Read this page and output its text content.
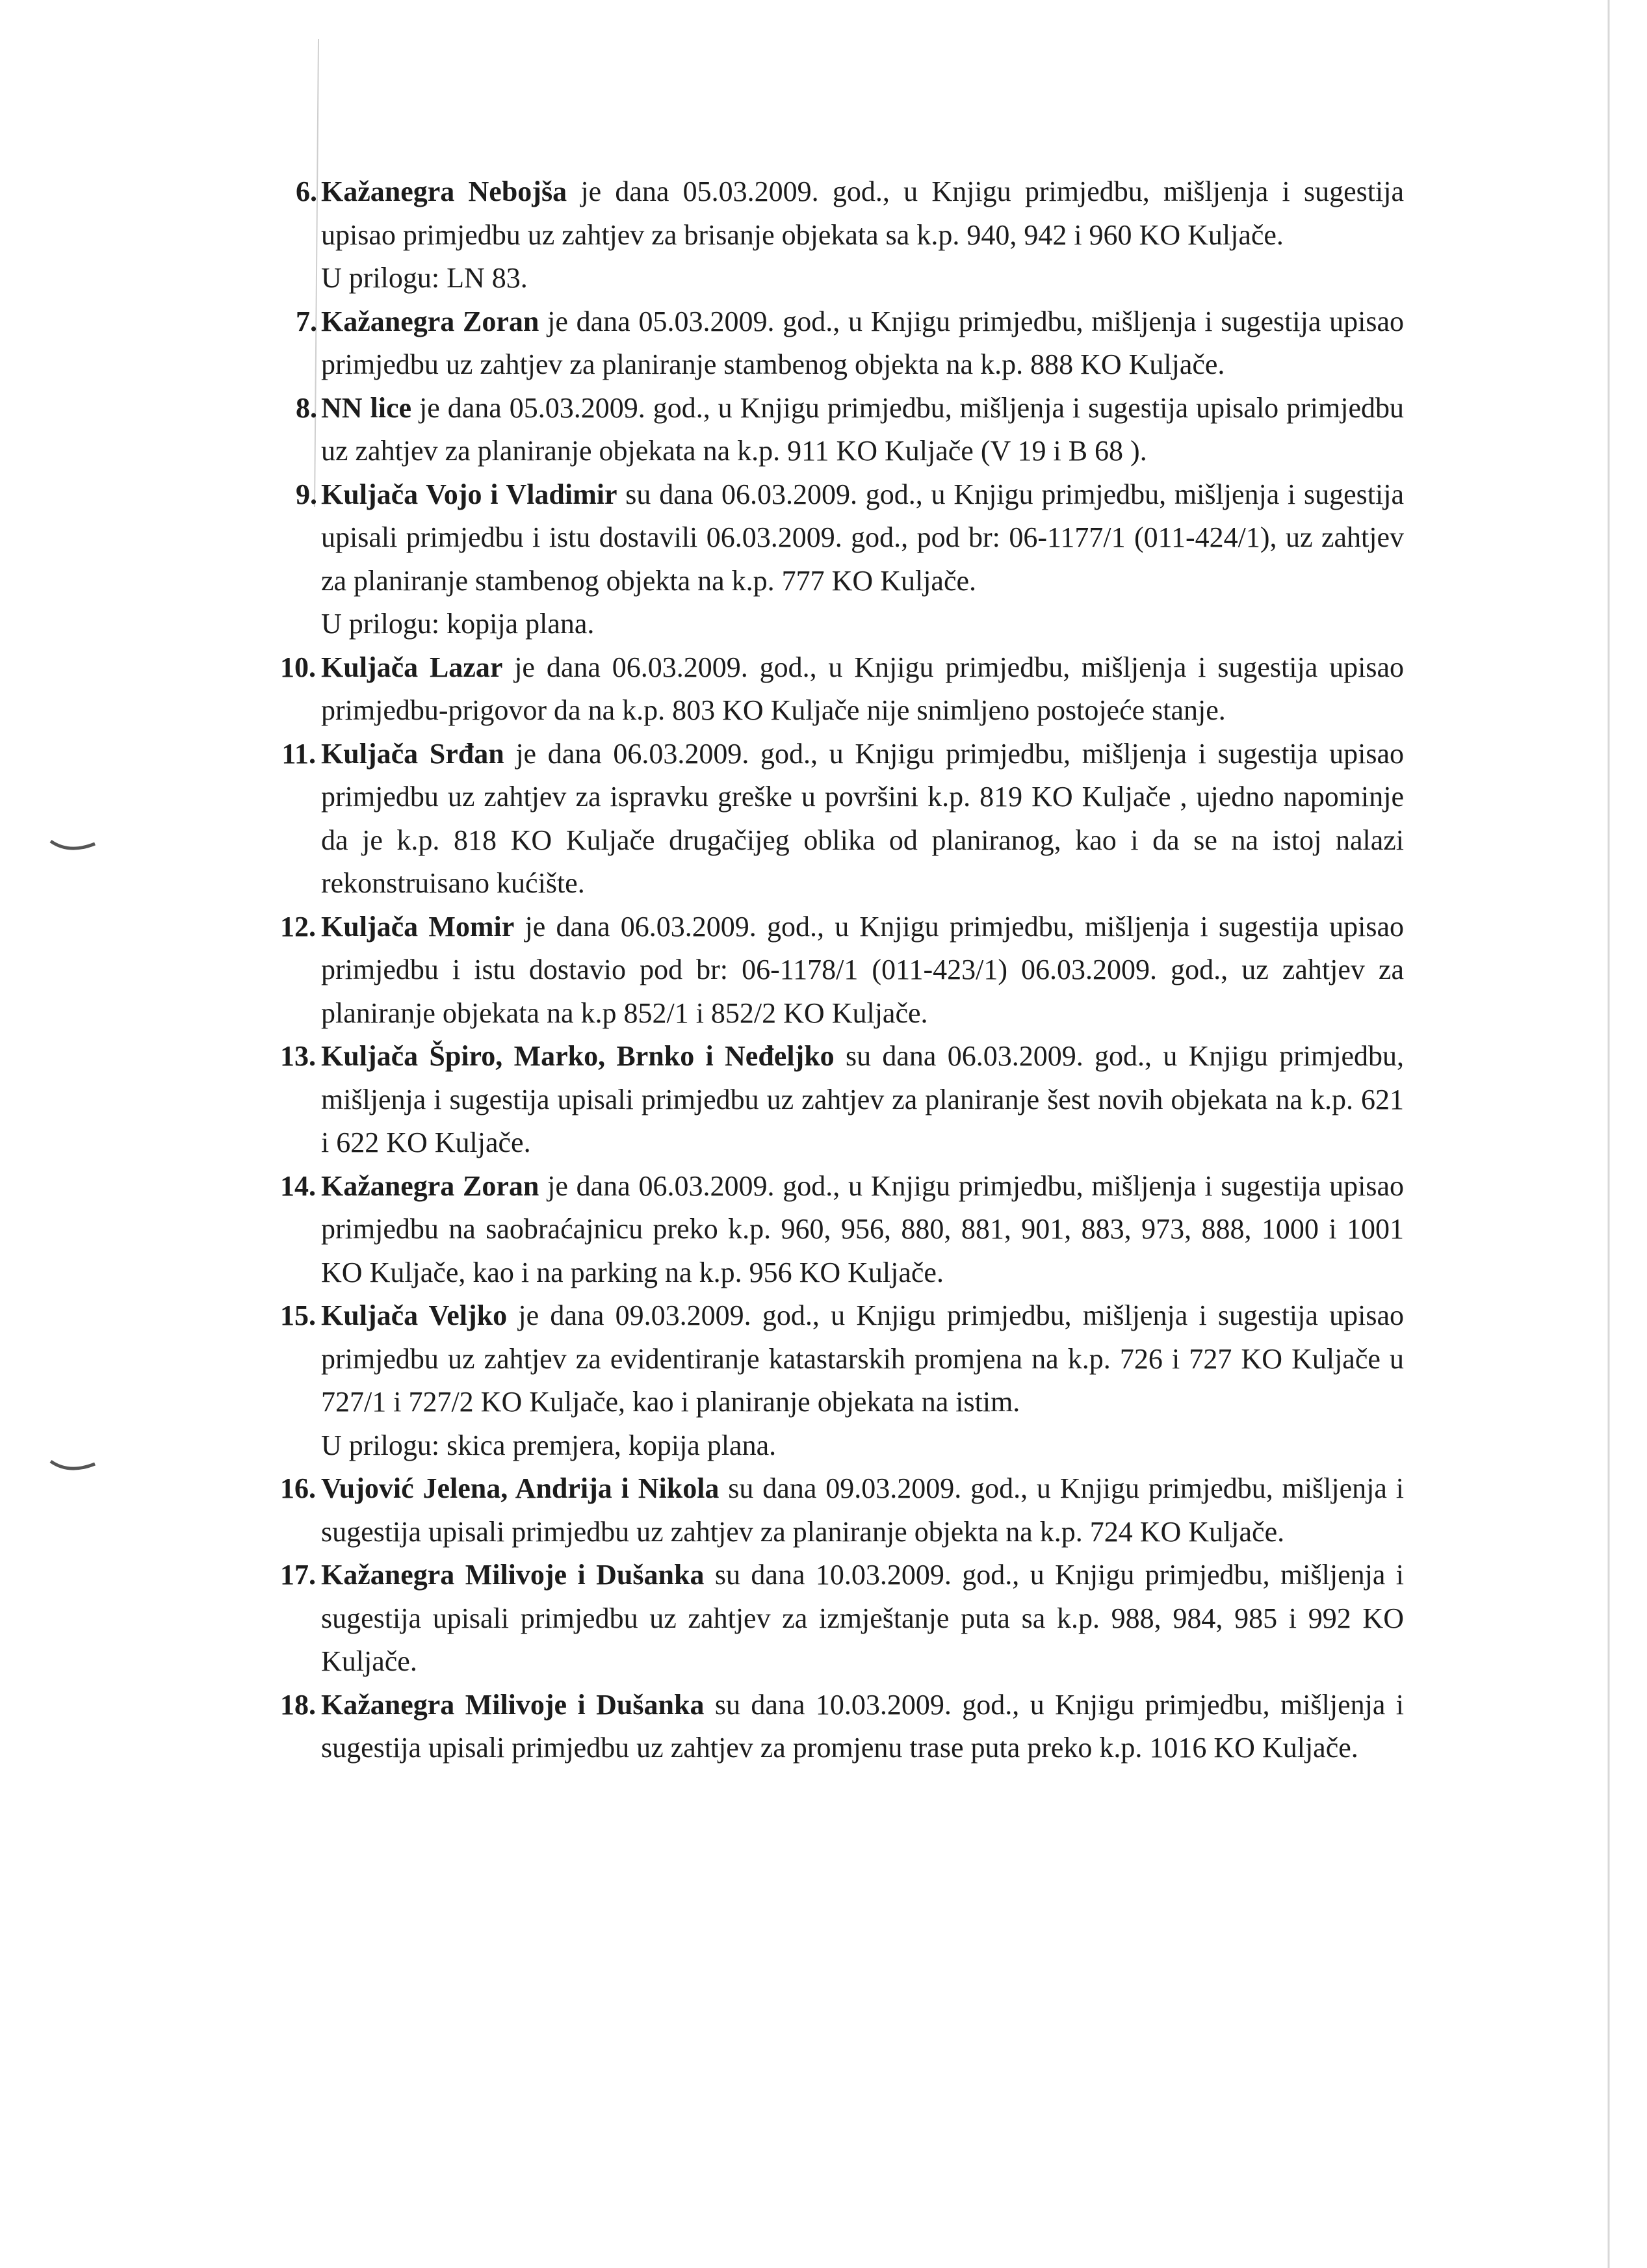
6. Kažanegra Nebojša je dana 05.03.2009. god., u Knjigu primjedbu, mišljenja i sugestija upisao primjedbu uz zahtjev za brisanje objekata sa k.p. 940, 942 i 960 KO Kuljače.
U prilogu: LN 83.
7. Kažanegra Zoran je dana 05.03.2009. god., u Knjigu primjedbu, mišljenja i sugestija upisao primjedbu uz zahtjev za planiranje stambenog objekta na k.p. 888 KO Kuljače.
8. NN lice je dana 05.03.2009. god., u Knjigu primjedbu, mišljenja i sugestija upisalo primjedbu uz zahtjev za planiranje objekata na k.p. 911 KO Kuljače (V 19 i B 68 ).
9. Kuljača Vojo i Vladimir su dana 06.03.2009. god., u Knjigu primjedbu, mišljenja i sugestija upisali primjedbu i istu dostavili 06.03.2009. god., pod br: 06-1177/1 (011-424/1), uz zahtjev za planiranje stambenog objekta na k.p. 777 KO Kuljače.
U prilogu: kopija plana.
10. Kuljača Lazar je dana 06.03.2009. god., u Knjigu primjedbu, mišljenja i sugestija upisao primjedbu-prigovor da na k.p. 803 KO Kuljače nije snimljeno postojeće stanje.
11. Kuljača Srđan je dana 06.03.2009. god., u Knjigu primjedbu, mišljenja i sugestija upisao primjedbu uz zahtjev za ispravku greške u površini k.p. 819 KO Kuljače , ujedno napominje da je k.p. 818 KO Kuljače drugačijeg oblika od planiranog, kao i da se na istoj nalazi rekonstruisano kućište.
12. Kuljača Momir je dana 06.03.2009. god., u Knjigu primjedbu, mišljenja i sugestija upisao primjedbu i istu dostavio pod br: 06-1178/1 (011-423/1) 06.03.2009. god., uz zahtjev za planiranje objekata na k.p 852/1 i 852/2 KO Kuljače.
13. Kuljača Špiro, Marko, Brnko i Neđeljko su dana 06.03.2009. god., u Knjigu primjedbu, mišljenja i sugestija upisali primjedbu uz zahtjev za planiranje šest novih objekata na k.p. 621 i 622 KO Kuljače.
14. Kažanegra Zoran je dana 06.03.2009. god., u Knjigu primjedbu, mišljenja i sugestija upisao primjedbu na saobraćajnicu preko k.p. 960, 956, 880, 881, 901, 883, 973, 888, 1000 i 1001 KO Kuljače, kao i na parking na k.p. 956 KO Kuljače.
15. Kuljača Veljko je dana 09.03.2009. god., u Knjigu primjedbu, mišljenja i sugestija upisao primjedbu uz zahtjev za evidentiranje katastarskih promjena na k.p. 726 i 727 KO Kuljače u 727/1 i 727/2 KO Kuljače, kao i planiranje objekata na istim.
U prilogu: skica premjera, kopija plana.
16. Vujović Jelena, Andrija i Nikola su dana 09.03.2009. god., u Knjigu primjedbu, mišljenja i sugestija upisali primjedbu uz zahtjev za planiranje objekta na k.p. 724 KO Kuljače.
17. Kažanegra Milivoje i Dušanka su dana 10.03.2009. god., u Knjigu primjedbu, mišljenja i sugestija upisali primjedbu uz zahtjev za izmještanje puta sa k.p. 988, 984, 985 i 992 KO Kuljače.
18. Kažanegra Milivoje i Dušanka su dana 10.03.2009. god., u Knjigu primjedbu, mišljenja i sugestija upisali primjedbu uz zahtjev za promjenu trase puta preko k.p. 1016 KO Kuljače.
